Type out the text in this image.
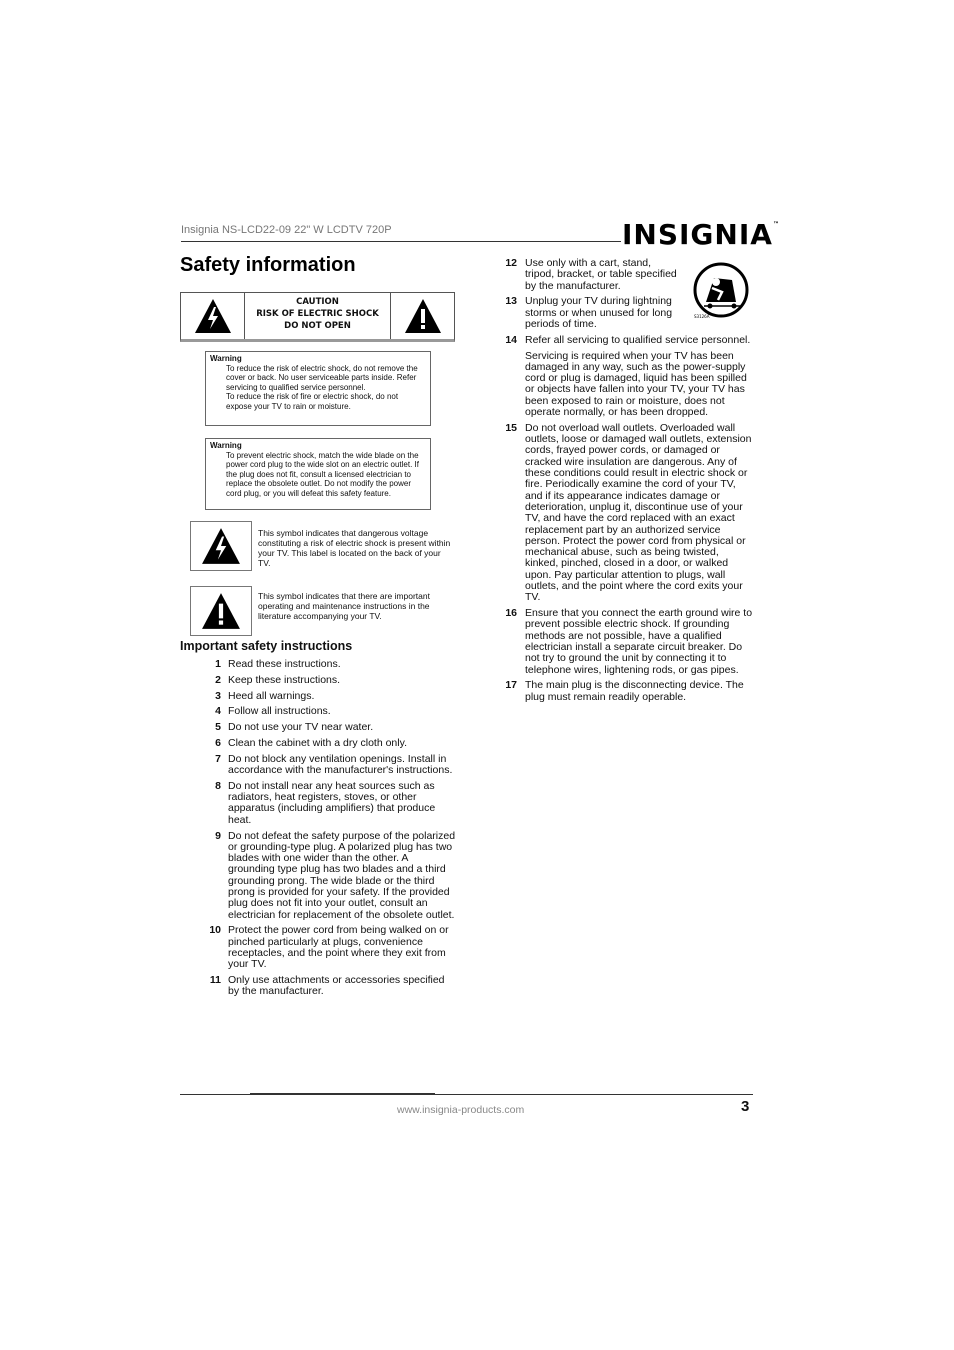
Insignia NS-LCD22-09 22" W LCDTV 720P	INSIGNIA™
Safety information
CAUTION
RISK OF ELECTRIC SHOCK
DO NOT OPEN
Warning

To reduce the risk of electric shock, do not remove the cover or back. No user serviceable parts inside. Refer servicing to qualified service personnel.

To reduce the risk of fire or electric shock, do not expose your TV to rain or moisture.

Warning

To prevent electric shock, match the wide blade on the power cord plug to the wide slot on an electric outlet. If the plug does not fit, consult a licensed electrician to replace the obsolete outlet. Do not modify the power cord plug, or you will defeat this safety feature.

This symbol indicates that dangerous voltage constituting a risk of electric shock is present within your TV. This label is located on the back of your TV.
This symbol indicates that there are important operating and maintenance instructions in the literature accompanying your TV.
Important safety instructions
1 Read these instructions.
2 Keep these instructions.
3 Heed all warnings.
4 Follow all instructions.
5 Do not use your TV near water.
6 Clean the cabinet with a dry cloth only.
7 Do not block any ventilation openings. Install in accordance with the manufacturer's instructions.
8 Do not install near any heat sources such as radiators, heat registers, stoves, or other apparatus (including amplifiers) that produce heat.
9 Do not defeat the safety purpose of the polarized or grounding-type plug. A polarized plug has two blades with one wider than the other. A grounding type plug has two blades and a third grounding prong. The wide blade or the third prong is provided for your safety. If the provided plug does not fit into your outlet, consult an electrician for replacement of the obsolete outlet.
10 Protect the power cord from being walked on or pinched particularly at plugs, convenience receptacles, and the point where they exit from your TV.
11 Only use attachments or accessories specified by the manufacturer.
S3126A
12 Use only with a cart, stand, tripod, bracket, or table specified by the manufacturer.
13 Unplug your TV during lightning storms or when unused for long periods of time.
14 Refer all servicing to qualified service personnel.
Servicing is required when your TV has been damaged in any way, such as the power-supply cord or plug is damaged, liquid has been spilled or objects have fallen into your TV, your TV has been exposed to rain or moisture, does not operate normally, or has been dropped.
15 Do not overload wall outlets. Overloaded wall outlets, loose or damaged wall outlets, extension cords, frayed power cords, or damaged or cracked wire insulation are dangerous. Any of these conditions could result in electric shock or fire. Periodically examine the cord of your TV, and if its appearance indicates damage or deterioration, unplug it, discontinue use of your TV, and have the cord replaced with an exact replacement part by an authorized service person. Protect the power cord from physical or mechanical abuse, such as being twisted, kinked, pinched, closed in a door, or walked upon. Pay particular attention to plugs, wall outlets, and the point where the cord exits your TV.
16 Ensure that you connect the earth ground wire to prevent possible electric shock. If grounding methods are not possible, have a qualified electrician install a separate circuit breaker. Do not try to ground the unit by connecting it to telephone wires, lightening rods, or gas pipes.
17 The main plug is the disconnecting device. The plug must remain readily operable.
www.insignia-products.com	3
